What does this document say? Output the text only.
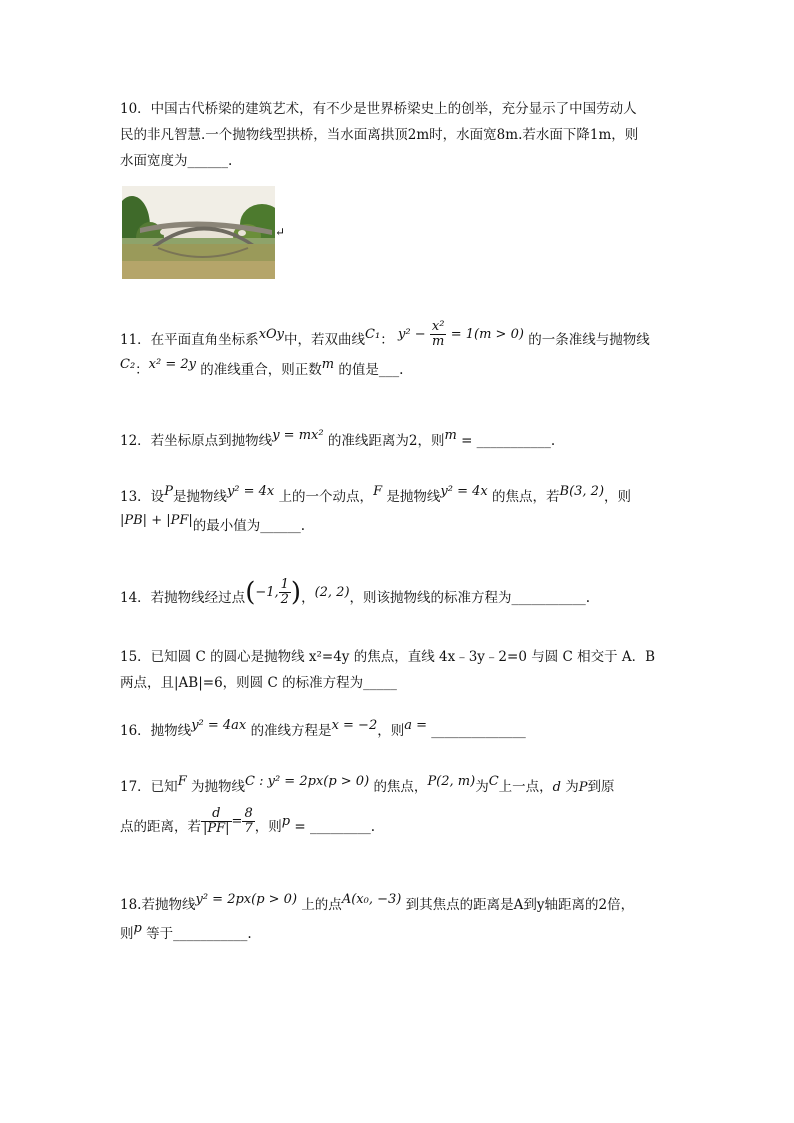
10．中国古代桥梁的建筑艺术，有不少是世界桥梁史上的创举，充分显示了中国劳动人

民的非凡智慧.一个抛物线型拱桥，当水面离拱顶2m时，水面宽8m.若水面下降1m，则

水面宽度为______.

↵

11．在平面直角坐标系xOy中，若双曲线C₁： $y^2 - \frac{\text{x²}}{m} = 1(m > 0)$ 的一条准线与抛物线

C₂：x² = 2y 的准线重合，则正数m 的值是___.

12．若坐标原点到抛物线y = mx² 的准线距离为2，则m = ___________.

13．设P是抛物线y² = 4x 上的一个动点，F 是抛物线y² = 4x 的焦点，若B(3, 2)，则

|PB| + |PF|的最小值为______.

14．若抛物线经过点(−1, $\frac{1}{2}$ )，(2, 2)，则该抛物线的标准方程为___________.

15．已知圆 C 的圆心是抛物线 x²=4y 的焦点，直线 4x﹣3y﹣2=0 与圆 C 相交于 A．B

两点，且|AB|=6，则圆 C 的标准方程为_____

16．抛物线y² = 4ax 的准线方程是x = −2，则a = ______________

17．已知F 为抛物线C : y² = 2px(p > 0) 的焦点，P(2, m)为C上一点，d 为P到原

点的距离，若 $\frac{d}{|PF|} = \frac{8}{7}$ ，则p = _________.

18.若抛物线y² = 2px(p > 0) 上的点A(x₀, −3) 到其焦点的距离是A到y轴距离的2倍，

则p 等于___________.
